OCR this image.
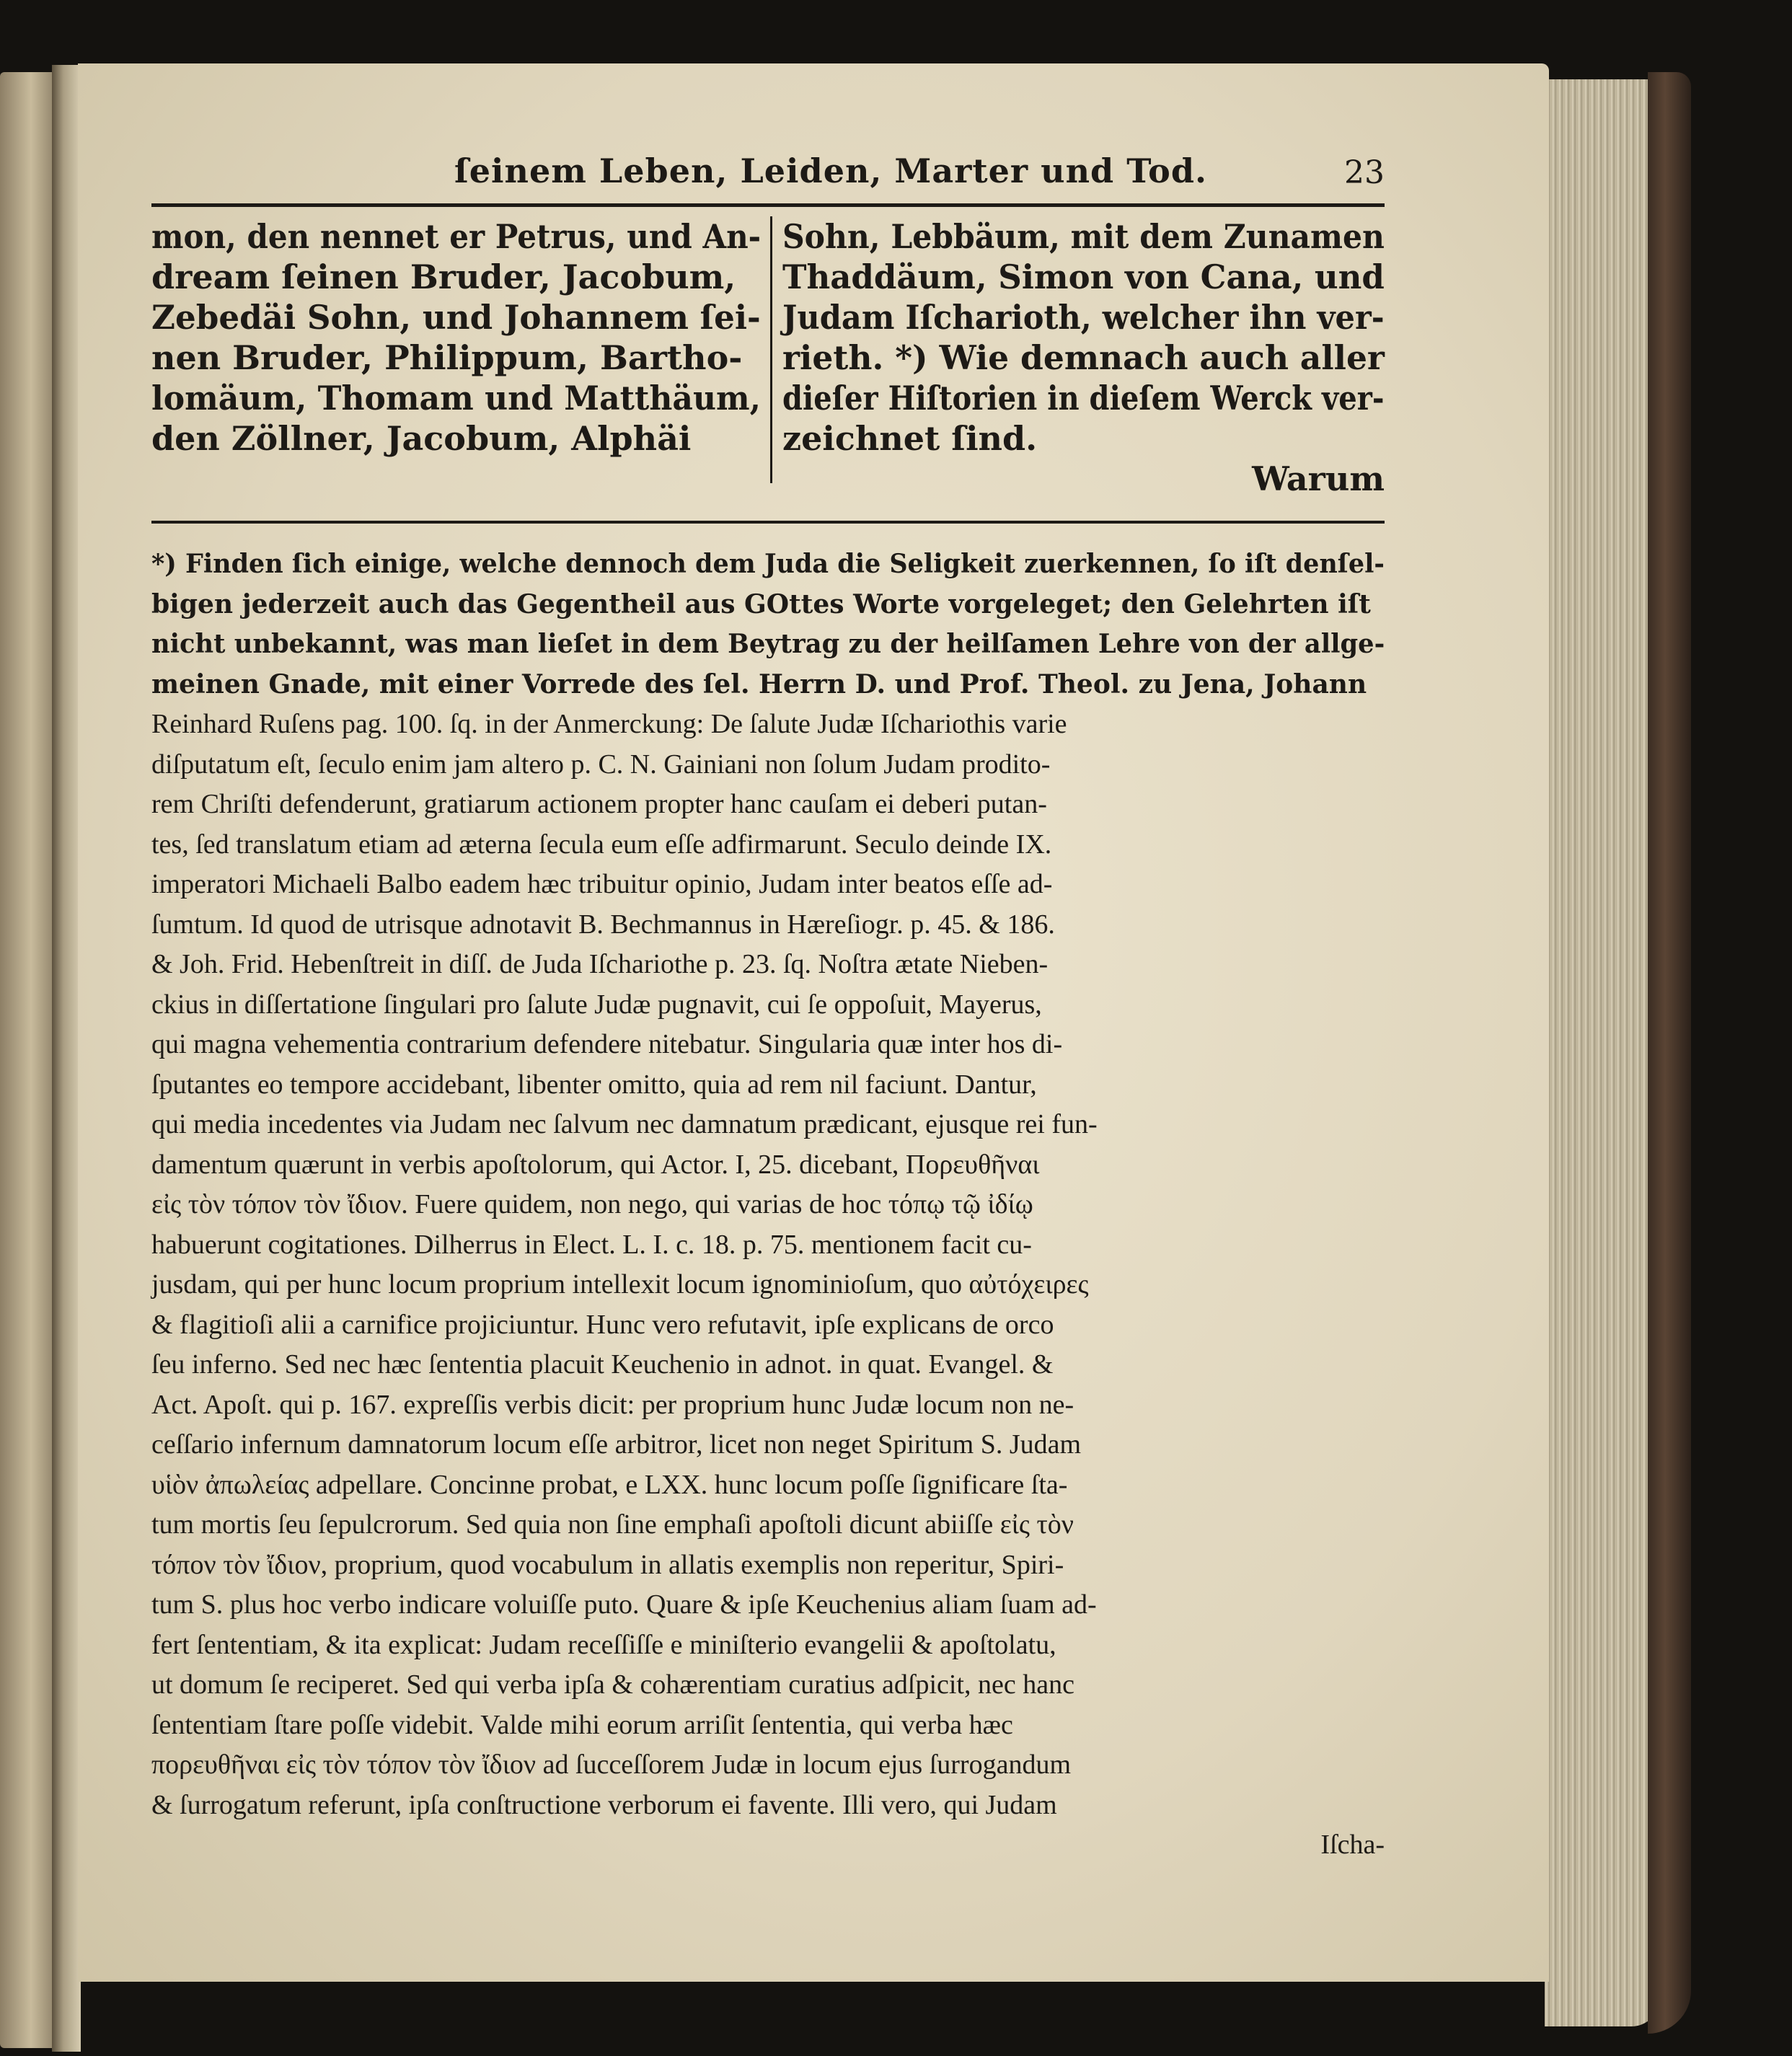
ſeinem Leben, Leiden, Marter und Tod.	23
mon, den nennet er Petrus, und An-
dream ſeinen Bruder, Jacobum,
Zebedäi Sohn, und Johannem ſei-
nen Bruder, Philippum, Bartho-
lomäum, Thomam und Matthäum,
den Zöllner, Jacobum, Alphäi
Sohn, Lebbäum, mit dem Zunamen
Thaddäum, Simon von Cana, und
Judam Iſcharioth, welcher ihn ver-
rieth. *) Wie demnach auch aller
dieſer Hiſtorien in dieſem Werck ver-
zeichnet ſind.
Warum
*) Finden ſich einige, welche dennoch dem Juda die Seligkeit zuerkennen, ſo iſt denſel-
bigen jederzeit auch das Gegentheil aus GOttes Worte vorgeleget; den Gelehrten iſt
nicht unbekannt, was man lieſet in dem Beytrag zu der heilſamen Lehre von der allge-
meinen Gnade, mit einer Vorrede des ſel. Herrn D. und Prof. Theol. zu Jena, Johann
Reinhard Ruſens pag. 100. ſq. in der Anmerckung: De ſalute Judæ Iſchariothis varie
diſputatum eſt, ſeculo enim jam altero p. C. N. Gainiani non ſolum Judam prodito-
rem Chriſti defenderunt, gratiarum actionem propter hanc cauſam ei deberi putan-
tes, ſed translatum etiam ad æterna ſecula eum eſſe adfirmarunt. Seculo deinde IX.
imperatori Michaeli Balbo eadem hæc tribuitur opinio, Judam inter beatos eſſe ad-
ſumtum. Id quod de utrisque adnotavit B. Bechmannus in Hæreſiogr. p. 45. & 186.
& Joh. Frid. Hebenſtreit in diſſ. de Juda Iſchariothe p. 23. ſq. Noſtra ætate Nieben-
ckius in diſſertatione ſingulari pro ſalute Judæ pugnavit, cui ſe oppoſuit, Mayerus,
qui magna vehementia contrarium defendere nitebatur. Singularia quæ inter hos di-
ſputantes eo tempore accidebant, libenter omitto, quia ad rem nil faciunt. Dantur,
qui media incedentes via Judam nec ſalvum nec damnatum prædicant, ejusque rei fun-
damentum quærunt in verbis apoſtolorum, qui Actor. I, 25. dicebant, Πορευθῆναι
εἰς τὸν τόπον τὸν ἴδιον. Fuere quidem, non nego, qui varias de hoc τόπῳ τῷ ἰδίῳ
habuerunt cogitationes. Dilherrus in Elect. L. I. c. 18. p. 75. mentionem facit cu-
jusdam, qui per hunc locum proprium intellexit locum ignominioſum, quo αὐτόχειρες
& flagitioſi alii a carnifice projiciuntur. Hunc vero refutavit, ipſe explicans de orco
ſeu inferno. Sed nec hæc ſententia placuit Keuchenio in adnot. in quat. Evangel. &
Act. Apoſt. qui p. 167. expreſſis verbis dicit: per proprium hunc Judæ locum non ne-
ceſſario infernum damnatorum locum eſſe arbitror, licet non neget Spiritum S. Judam
υἱὸν ἀπωλείας adpellare. Concinne probat, e LXX. hunc locum poſſe ſignificare ſta-
tum mortis ſeu ſepulcrorum. Sed quia non ſine emphaſi apoſtoli dicunt abiiſſe εἰς τὸν
τόπον τὸν ἴδιον, proprium, quod vocabulum in allatis exemplis non reperitur, Spiri-
tum S. plus hoc verbo indicare voluiſſe puto. Quare & ipſe Keuchenius aliam ſuam ad-
fert ſententiam, & ita explicat: Judam receſſiſſe e miniſterio evangelii & apoſtolatu,
ut domum ſe reciperet. Sed qui verba ipſa & cohærentiam curatius adſpicit, nec hanc
ſententiam ſtare poſſe videbit. Valde mihi eorum arriſit ſententia, qui verba hæc
πορευθῆναι εἰς τὸν τόπον τὸν ἴδιον ad ſucceſſorem Judæ in locum ejus ſurrogandum
& ſurrogatum referunt, ipſa conſtructione verborum ei favente. Illi vero, qui Judam
Iſcha-
